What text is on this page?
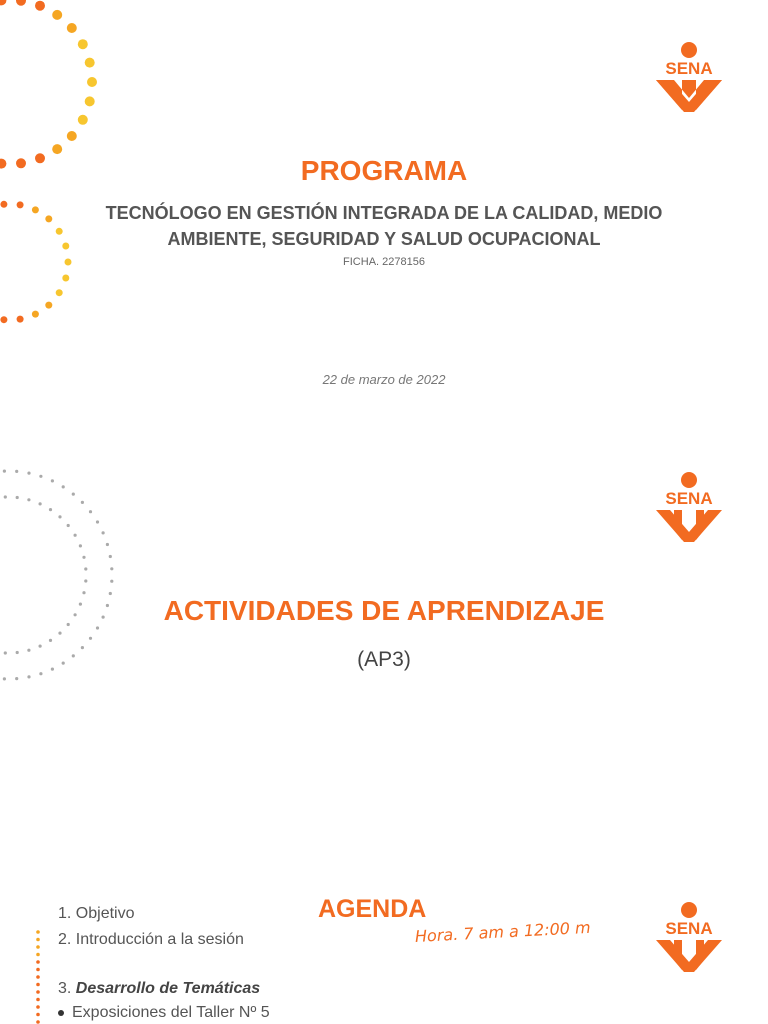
SENA
PROGRAMA
TECNÓLOGO EN GESTIÓN INTEGRADA DE LA CALIDAD, MEDIO
AMBIENTE, SEGURIDAD Y SALUD OCUPACIONAL
FICHA. 2278156
22 de marzo de 2022
SENA
ACTIVIDADES DE APRENDIZAJE
(AP3)
SENA
AGENDA
Hora. 7 am a 12:00 m
1. Objetivo
2. Introducción a la sesión
3. Desarrollo de Temáticas
Exposiciones del Taller Nº 5
